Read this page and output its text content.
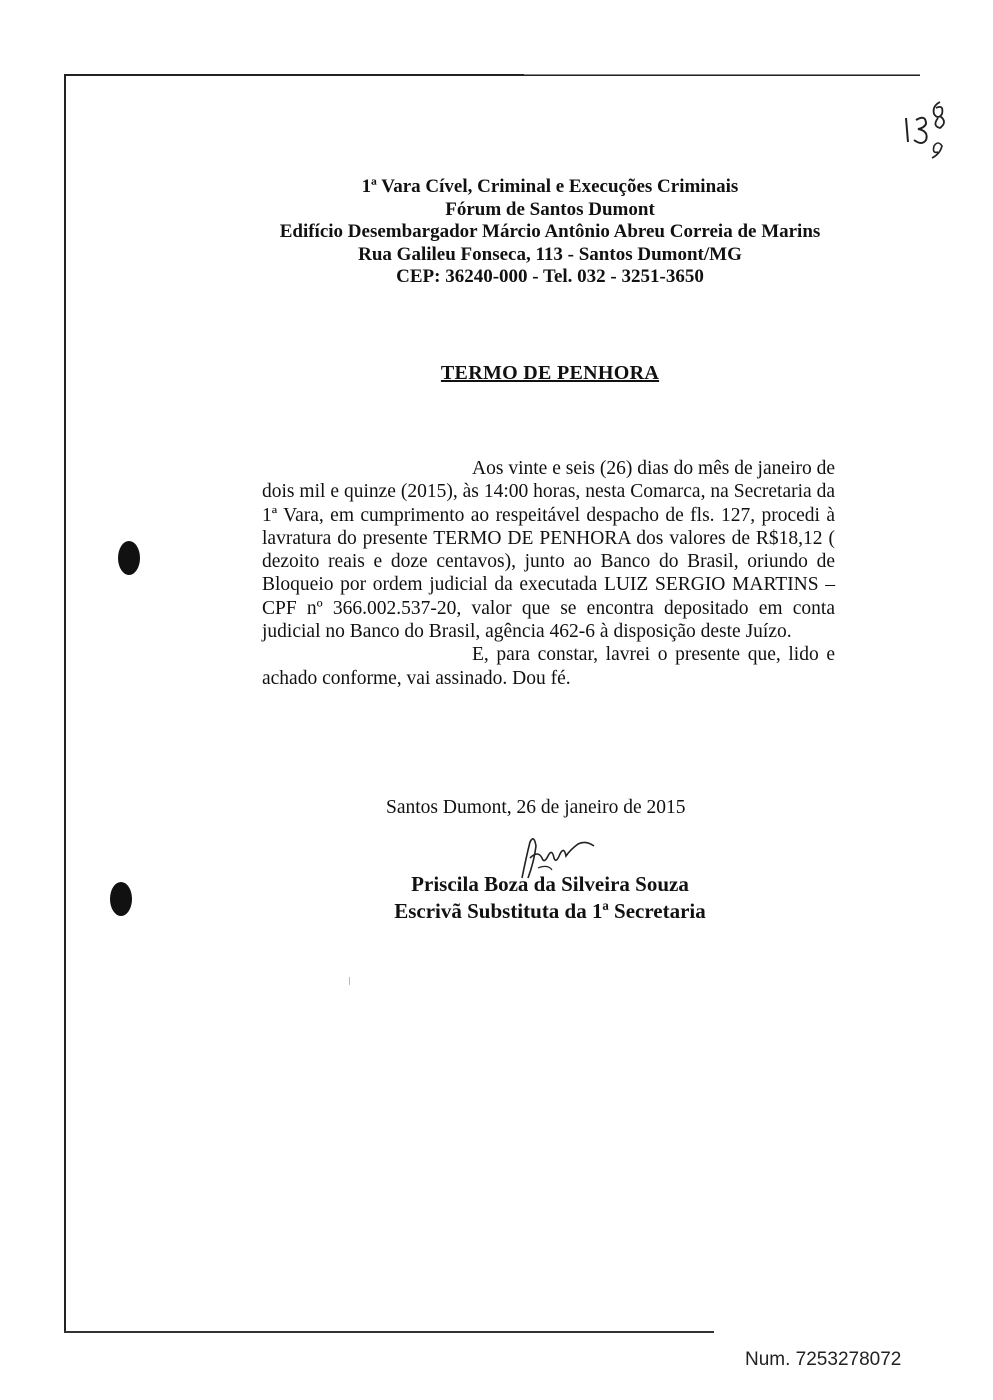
1ª Vara Cível, Criminal e Execuções Criminais
Fórum de Santos Dumont
Edifício Desembargador Márcio Antônio Abreu Correia de Marins
Rua Galileu Fonseca, 113 - Santos Dumont/MG
CEP: 36240-000 - Tel. 032 - 3251-3650
TERMO DE PENHORA

Aos vinte e seis (26) dias do mês de janeiro de dois mil e quinze (2015), às 14:00 horas, nesta Comarca, na Secretaria da 1ª Vara, em cumprimento ao respeitável despacho de fls. 127, procedi à lavratura do presente TERMO DE PENHORA dos valores de R$18,12 ( dezoito reais e doze centavos), junto ao Banco do Brasil, oriundo de Bloqueio por ordem judicial da executada LUIZ SERGIO MARTINS – CPF nº 366.002.537-20, valor que se encontra depositado em conta judicial no Banco do Brasil, agência 462-6 à disposição deste Juízo.

E, para constar, lavrei o presente que, lido e achado conforme, vai assinado. Dou fé.

Santos Dumont, 26 de janeiro de 2015
Priscila Boza da Silveira Souza
Escrivã Substituta da 1ª Secretaria
Num. 7253278072
